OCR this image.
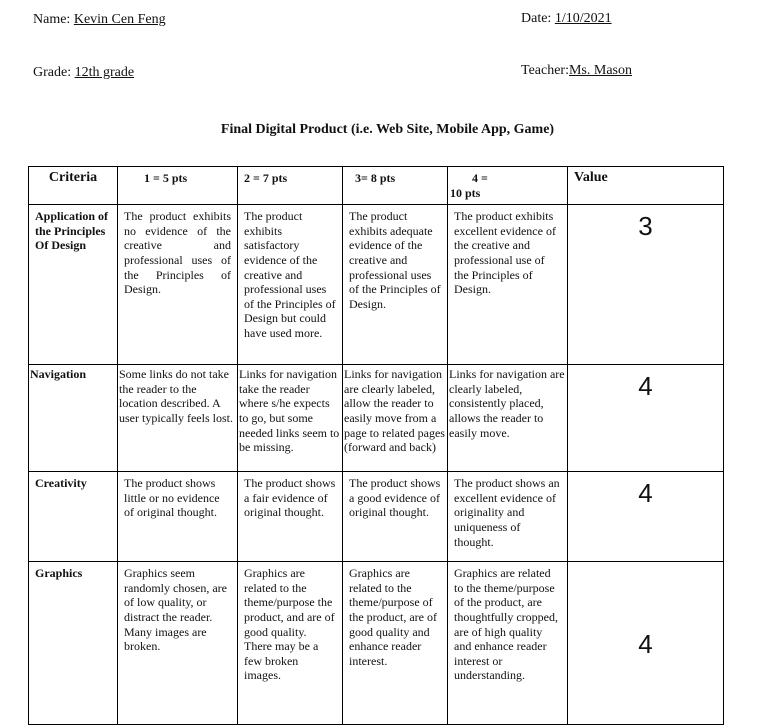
Name: Kevin Cen Feng	Date: 1/10/2021
Grade: 12th grade	Teacher:Ms. Mason
Final Digital Product (i.e. Web Site, Mobile App, Game)
Criteria	1 = 5 pts	2 = 7 pts	3= 8 pts	4 = 10 pts	Value
Application of the Principles Of Design	The product exhibits no evidence of the creative and professional uses of the Principles of Design.	The product exhibits satisfactory evidence of the creative and professional uses of the Principles of Design but could have used more.	The product exhibits adequate evidence of the creative and professional uses of the Principles of Design.	The product exhibits excellent evidence of the creative and professional use of the Principles of Design.	3
Navigation	Some links do not take the reader to the location described. A user typically feels lost.	Links for navigation take the reader where s/he expects to go, but some needed links seem to be missing.	Links for navigation are clearly labeled, allow the reader to easily move from a page to related pages (forward and back)	Links for navigation are clearly labeled, consistently placed, allows the reader to easily move.	4
Creativity	The product shows little or no evidence of original thought.	The product shows a fair evidence of original thought.	The product shows a good evidence of original thought.	The product shows an excellent evidence of originality and uniqueness of thought.	4
Graphics	Graphics seem randomly chosen, are of low quality, or distract the reader. Many images are broken.	Graphics are related to the theme/purpose the product, and are of good quality. There may be a few broken images.	Graphics are related to the theme/purpose of the product, are of good quality and enhance reader interest.	Graphics are related to the theme/purpose of the product, are thoughtfully cropped, are of high quality and enhance reader interest or understanding.	4
